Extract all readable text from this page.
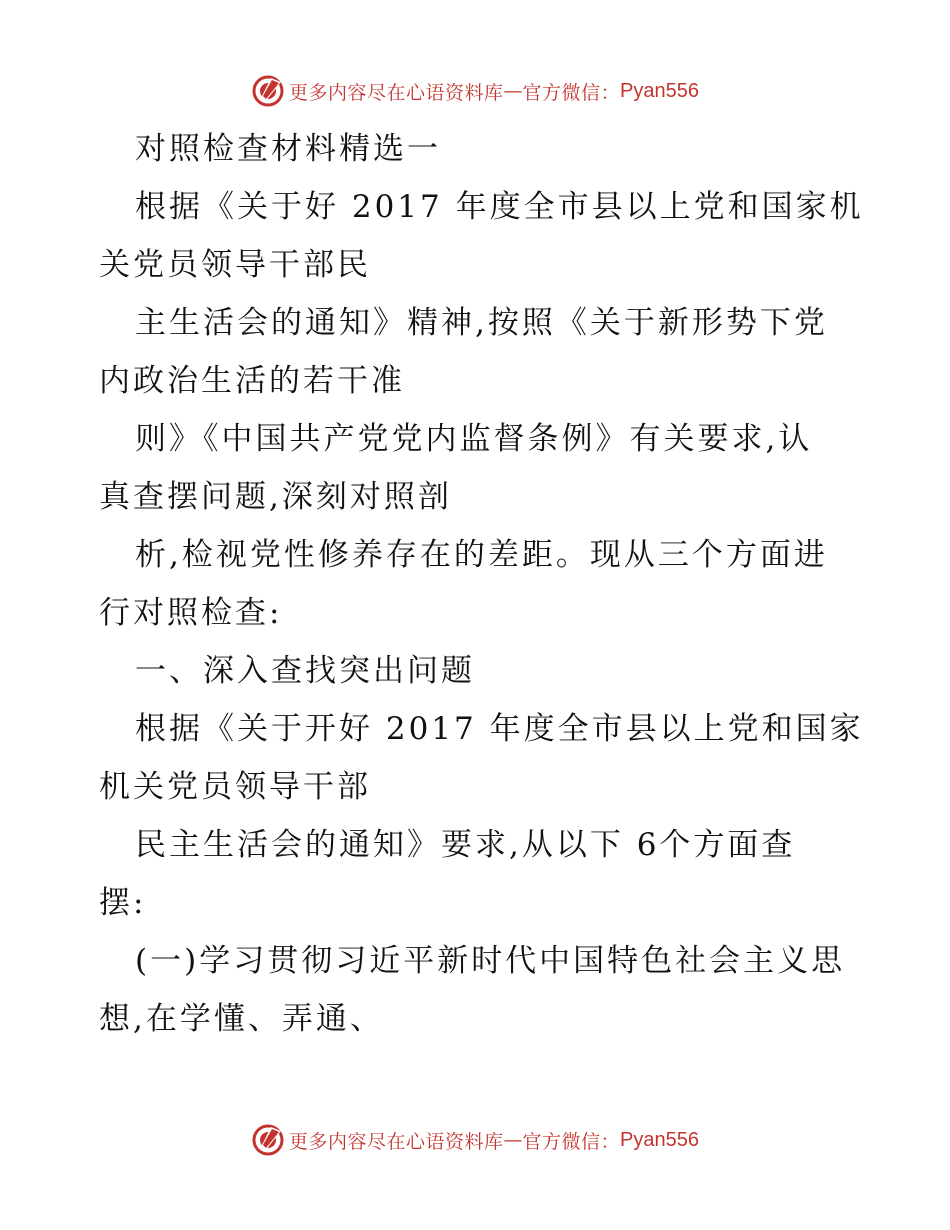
更多内容尽在心语资料库 — 官方微信： Pyan556

对照检查材料精选一

根据《关于好 2017 年度全市县以上党和国家机

关党员领导干部民

主生活会的通知》精神,按照《关于新形势下党

内政治生活的若干准

则》《中国共产党党内监督条例》有关要求,认

真查摆问题,深刻对照剖

析,检视党性修养存在的差距。现从三个方面进

行对照检查:

一、深入查找突出问题

根据《关于开好 2017 年度全市县以上党和国家

机关党员领导干部

民主生活会的通知》要求,从以下 6个方面查

摆:

(一)学习贯彻习近平新时代中国特色社会主义思

想,在学懂、弄通、

更多内容尽在心语资料库 — 官方微信： Pyan556
